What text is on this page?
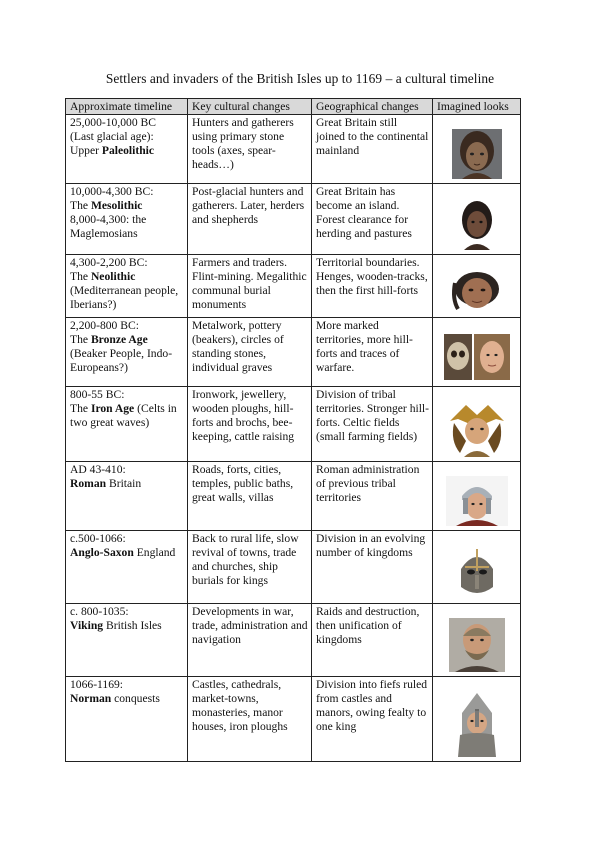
Settlers and invaders of the British Isles up to 1169 – a cultural timeline
Approximate timeline	Key cultural changes	Geographical changes	Imagined looks
25,000-10,000 BC
(Last glacial age):
Upper Paleolithic	Hunters and gatherers using primary stone tools (axes, spear-heads…)	Great Britain still joined to the continental mainland	

10,000-4,300 BC:
The Mesolithic
8,000-4,300: the Maglemosians	Post-glacial hunters and gatherers. Later, herders and shepherds	Great Britain has become an island. Forest clearance for herding and pastures	

4,300-2,200 BC:
The Neolithic
(Mediterranean people, Iberians?)	Farmers and traders. Flint-mining. Megalithic communal burial monuments	Territorial boundaries. Henges, wooden-tracks, then the first hill-forts	

2,200-800 BC:
The Bronze Age
(Beaker People, Indo-Europeans?)	Metalwork, pottery (beakers), circles of standing stones, individual graves	More marked territories, more hill-forts and traces of warfare.	

800-55 BC:
The Iron Age (Celts in two great waves)	Ironwork, jewellery, wooden ploughs, hill-forts and brochs, bee-keeping, cattle raising	Division of tribal territories. Stronger hill-forts. Celtic fields (small farming fields)	

AD 43-410:
Roman Britain	Roads, forts, cities, temples, public baths, great walls, villas	Roman administration of previous tribal territories	

c.500-1066:
Anglo-Saxon England	Back to rural life, slow revival of towns, trade and churches, ship burials for kings	Division in an evolving number of kingdoms	

c. 800-1035:
Viking British Isles	Developments in war, trade, administration and navigation	Raids and destruction, then unification of kingdoms	

1066-1169:
Norman conquests	Castles, cathedrals, market-towns, monasteries, manor houses, iron ploughs	Division into fiefs ruled from castles and manors, owing fealty to one king	
